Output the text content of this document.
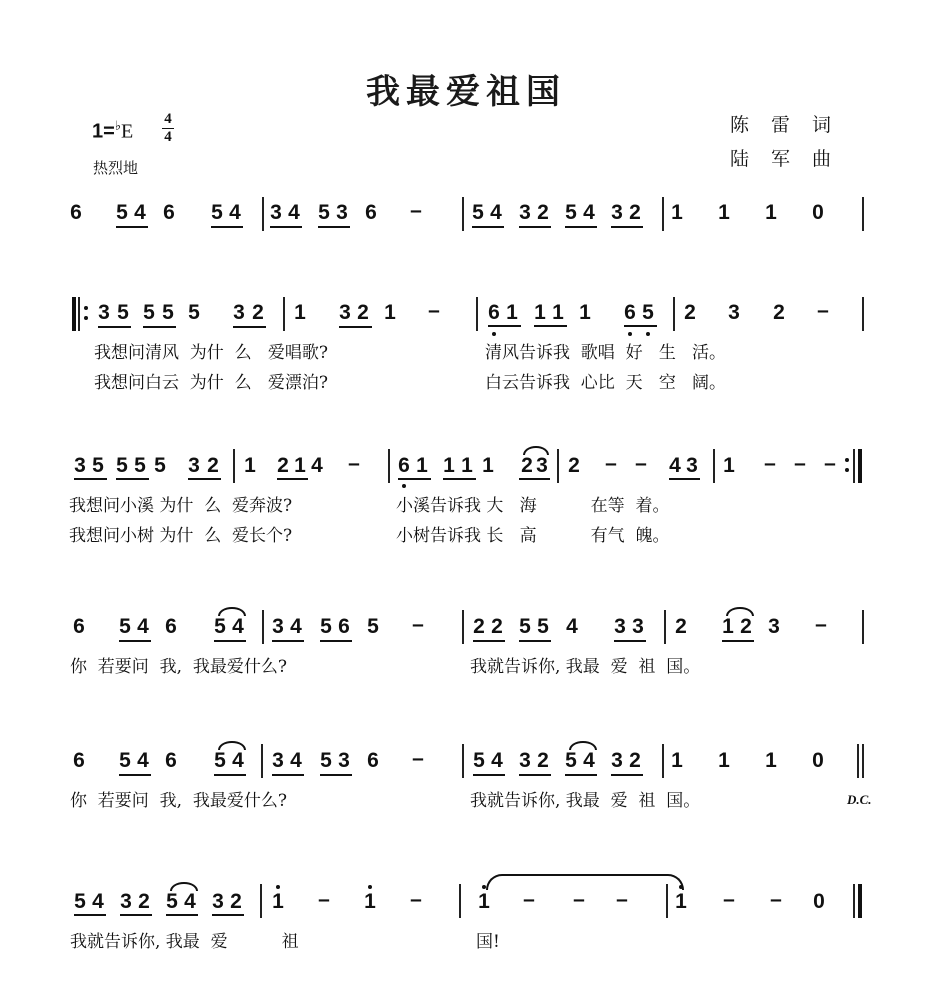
我最爱祖国
1=♭E
4
4
热烈地
陈雷词
陆军曲
6 5 4 6 5 4 3 4 5 3 6 – 5 4 3 2 5 4 3 2 1 1 1 0
3 5 5 5 5 3 2 1 3 2 1 – 6 1 1 1 1 6 5 2 3 2 –
我想问清风  为什  么   爱唱歌?
我想问白云  为什  么   爱漂泊?
清风告诉我  歌唱  好   生   活。
白云告诉我  心比  天   空   阔。
3 5 5 5 5 3 2 1 2 1 4 – 6 1 1 1 1 2 3 2 – – 4 3 1 – – –
我想问小溪 为什  么  爱奔波?
我想问小树 为什  么  爱长个?
小溪告诉我 大   海          在等  着。
小树告诉我 长   高          有气  魄。
6 5 4 6 5 4 3 4 5 6 5 – 2 2 5 5 4 3 3 2 1 2 3 –
你  若要问  我,  我最爱什么?	我就告诉你, 我最  爱  祖  国。
6 5 4 6 5 4 3 4 5 3 6 – 5 4 3 2 5 4 3 2 1 1 1 0
你  若要问  我,  我最爱什么?	我就告诉你, 我最  爱  祖  国。	D.C.
5 4 3 2 5 4 3 2 1 – 1 –	1 – – – 1 – – 0
我就告诉你, 我最  爱          祖	国!
